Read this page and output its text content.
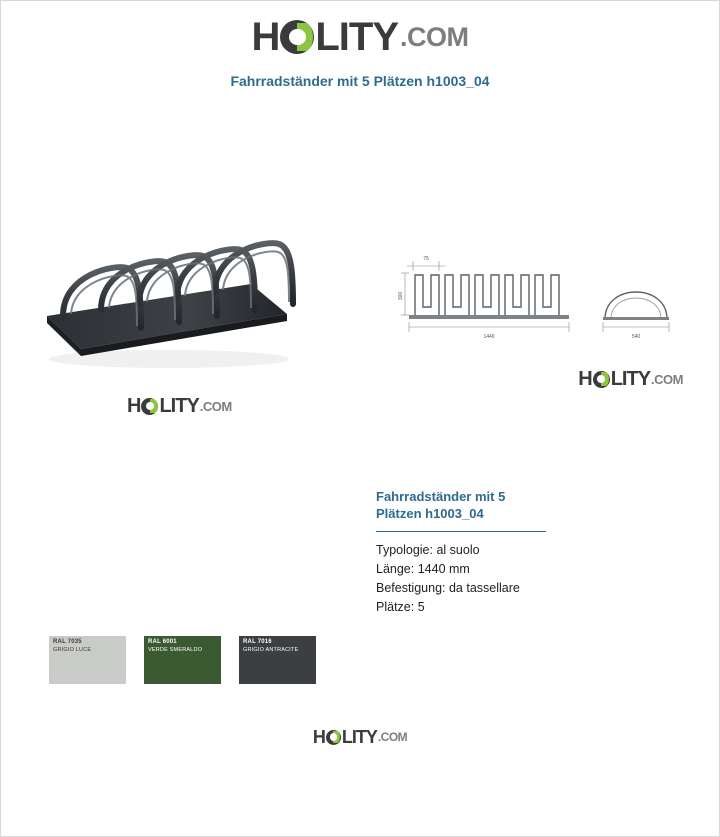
H LITY .COM
Fahrradständer mit 5 Plätzen h1003_04
H LITY .COM
75
300
1440	540
H LITY .COM
Fahrradständer mit 5 Plätzen h1003_04
Typologie: al suolo
Länge: 1440 mm
Befestigung: da tassellare
Plätze: 5
RAL 7035
GRIGIO LUCE
RAL 6001
VERDE SMERALDO
RAL 7016
GRIGIO ANTRACITE
H LITY .COM
